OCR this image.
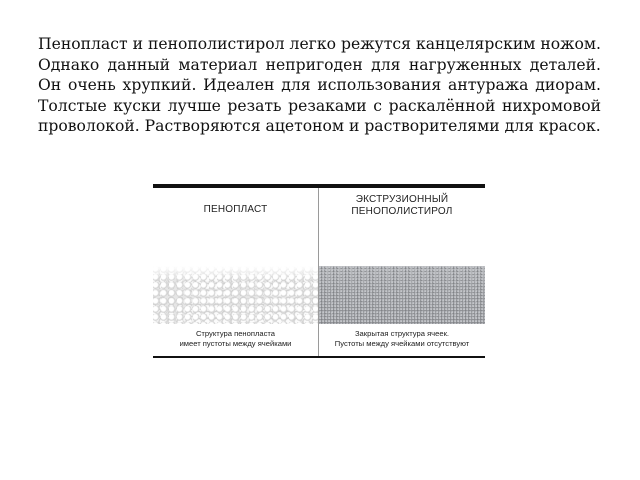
Пенопласт и пенополистирол легко режутся канцелярским ножом. Однако данный материал непригоден для нагруженных деталей. Он очень хрупкий. Идеален для использования антуража диорам. Толстые куски лучше резать резаками с раскалённой нихромовой проволокой. Растворяются ацетоном и растворителями для красок.

ПЕНОПЛАСТ
ЭКСТРУЗИОННЫЙ
ПЕНОПОЛИСТИРОЛ
Структура пенопласта
имеет пустоты между ячейками
Закрытая структура ячеек.
Пустоты между ячейками отсутствуют
